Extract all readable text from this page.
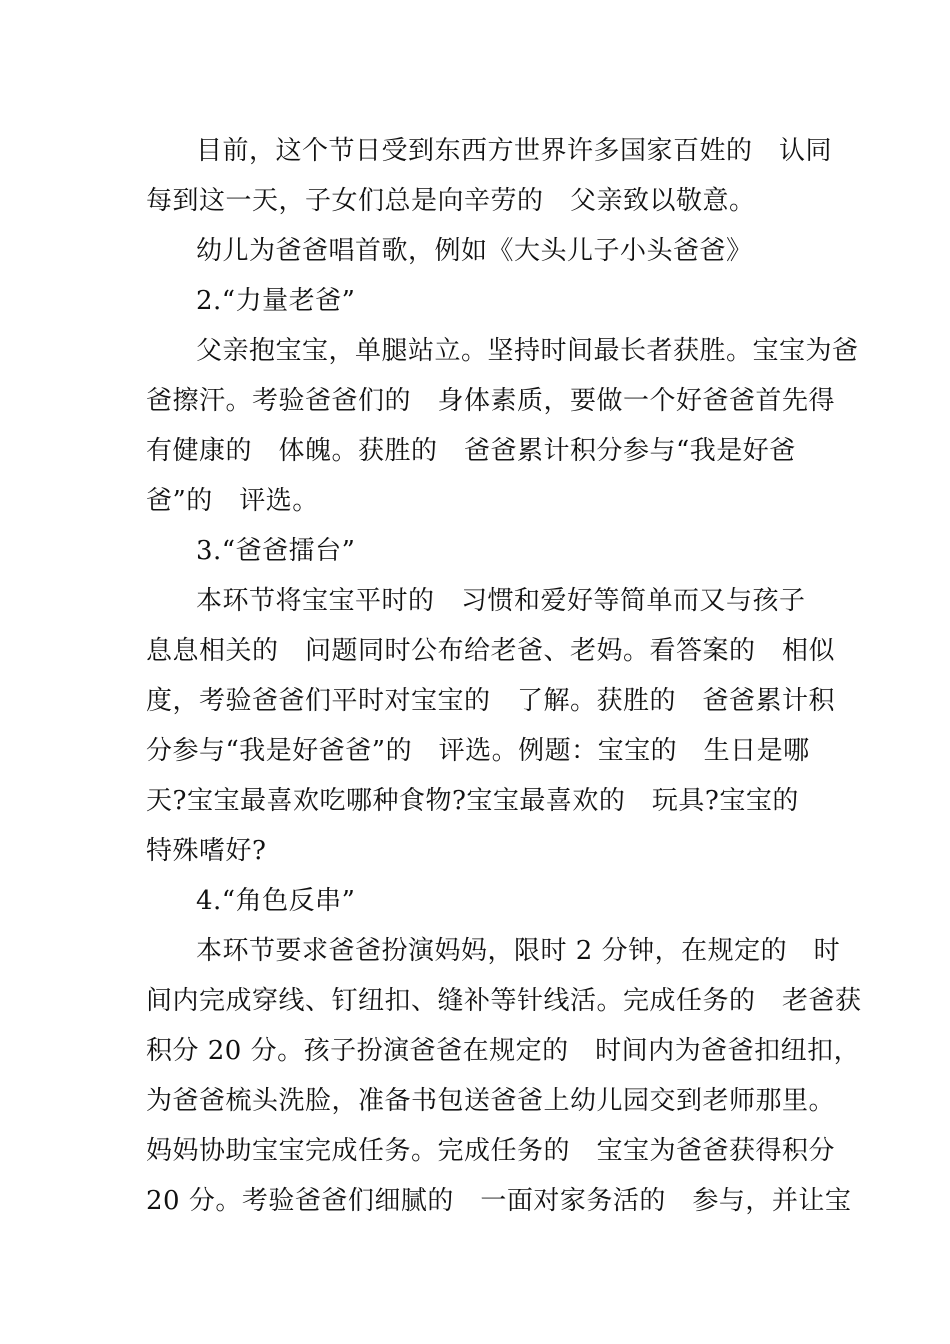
目前，这个节日受到东西方世界许多国家百姓的　认同
每到这一天，子女们总是向辛劳的　父亲致以敬意。
幼儿为爸爸唱首歌，例如《大头儿子小头爸爸》
2.“力量老爸”
父亲抱宝宝，单腿站立。坚持时间最长者获胜。宝宝为爸
爸擦汗。考验爸爸们的　身体素质，要做一个好爸爸首先得
有健康的　体魄。获胜的　爸爸累计积分参与“我是好爸
爸”的　评选。
3.“爸爸擂台”
本环节将宝宝平时的　习惯和爱好等简单而又与孩子
息息相关的　问题同时公布给老爸、老妈。看答案的　相似
度，考验爸爸们平时对宝宝的　了解。获胜的　爸爸累计积
分参与“我是好爸爸”的　评选。例题：宝宝的　生日是哪
天?宝宝最喜欢吃哪种食物?宝宝最喜欢的　玩具?宝宝的
特殊嗜好?
4.“角色反串”
本环节要求爸爸扮演妈妈，限时 2 分钟，在规定的　时
间内完成穿线、钉纽扣、缝补等针线活。完成任务的　老爸获
积分 20 分。孩子扮演爸爸在规定的　时间内为爸爸扣纽扣，
为爸爸梳头洗脸，准备书包送爸爸上幼儿园交到老师那里。
妈妈协助宝宝完成任务。完成任务的　宝宝为爸爸获得积分
20 分。考验爸爸们细腻的　一面对家务活的　参与，并让宝
